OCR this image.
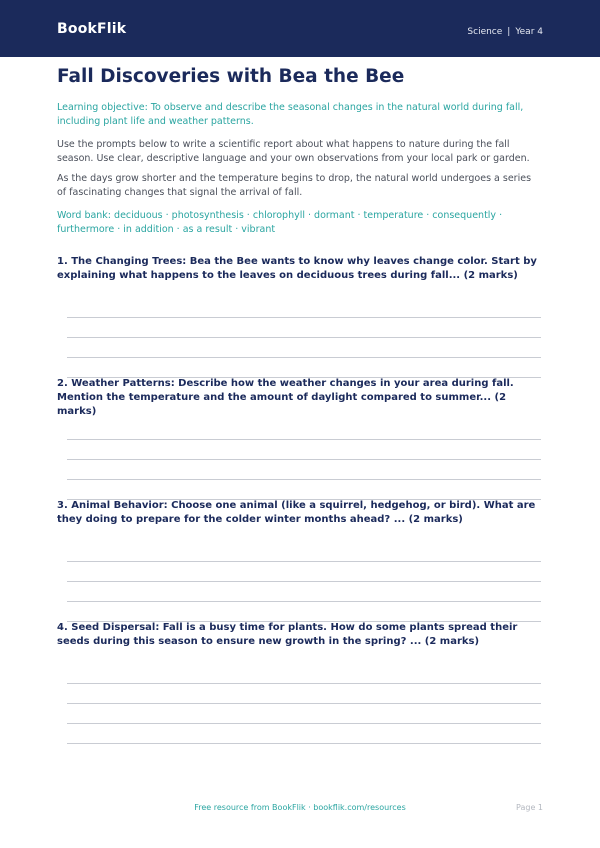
BookFlik	Science | Year 4
Fall Discoveries with Bea the Bee
Learning objective: To observe and describe the seasonal changes in the natural world during fall, including plant life and weather patterns.
Use the prompts below to write a scientific report about what happens to nature during the fall season. Use clear, descriptive language and your own observations from your local park or garden.
As the days grow shorter and the temperature begins to drop, the natural world undergoes a series of fascinating changes that signal the arrival of fall.
Word bank: deciduous · photosynthesis · chlorophyll · dormant · temperature · consequently · furthermore · in addition · as a result · vibrant
1. The Changing Trees: Bea the Bee wants to know why leaves change color. Start by explaining what happens to the leaves on deciduous trees during fall... (2 marks)
2. Weather Patterns: Describe how the weather changes in your area during fall. Mention the temperature and the amount of daylight compared to summer... (2 marks)
3. Animal Behavior: Choose one animal (like a squirrel, hedgehog, or bird). What are they doing to prepare for the colder winter months ahead? ... (2 marks)
4. Seed Dispersal: Fall is a busy time for plants. How do some plants spread their seeds during this season to ensure new growth in the spring? ... (2 marks)
Free resource from BookFlik · bookflik.com/resources	Page 1
